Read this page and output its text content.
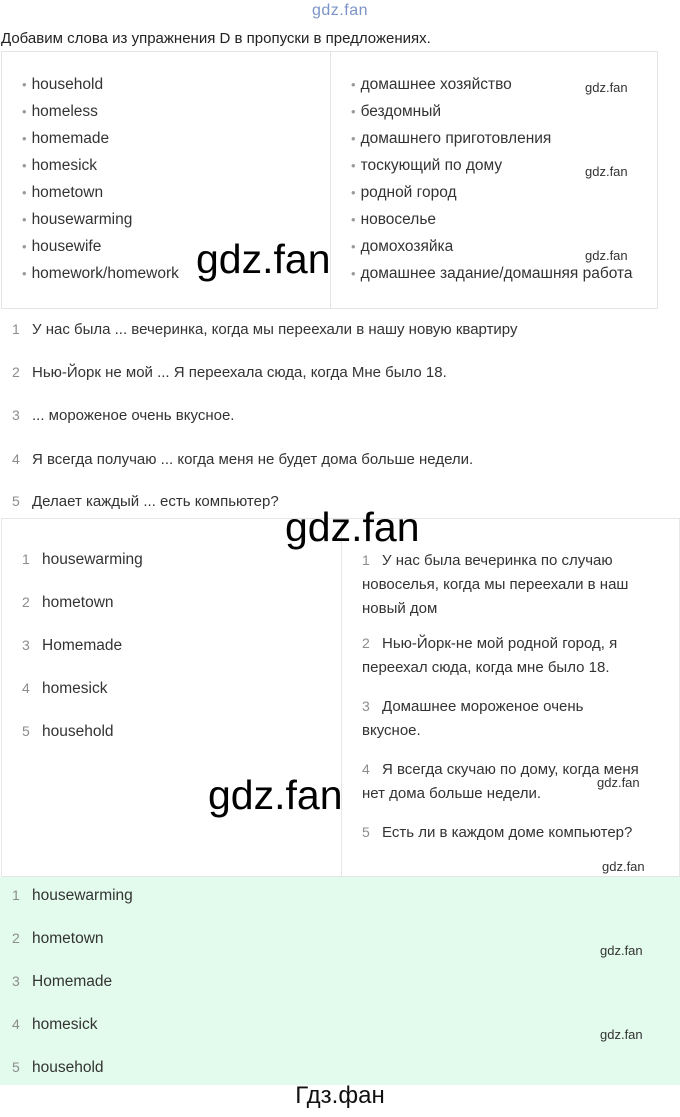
gdz.fan
Добавим слова из упражнения D в пропуски в предложениях.
• household
• homeless
• homemade
• homesick
• hometown
• housewarming
• housewife
• homework/homework
• домашнее хозяйство
• бездомный
• домашнего приготовления
• тоскующий по дому
• родной город
• новоселье
• домохозяйка
• домашнее задание/домашняя работа
gdz.fan
gdz.fan
gdz.fan
gdz.fan
1 У нас была ... вечеринка, когда мы переехали в нашу новую квартиру
2 Нью-Йорк не мой ... Я переехала сюда, когда Мне было 18.
3 ... мороженое очень вкусное.
4 Я всегда получаю ... когда меня не будет дома больше недели.
5 Делает каждый ... есть компьютер?
1 housewarming
2 hometown
3 Homemade
4 homesick
5 household
1 У нас была вечеринка по случаю
новоселья, когда мы переехали в наш
новый дом
2 Нью-Йорк-не мой родной город, я
переехал сюда, когда мне было 18.
3 Домашнее мороженое очень
вкусное.
4 Я всегда скучаю по дому, когда меня
нет дома больше недели.
5 Есть ли в каждом доме компьютер?
gdz.fan
gdz.fan
gdz.fan
gdz.fan
1 housewarming
2 hometown
3 Homemade
4 homesick
5 household
gdz.fan
gdz.fan
Гдз.фан
